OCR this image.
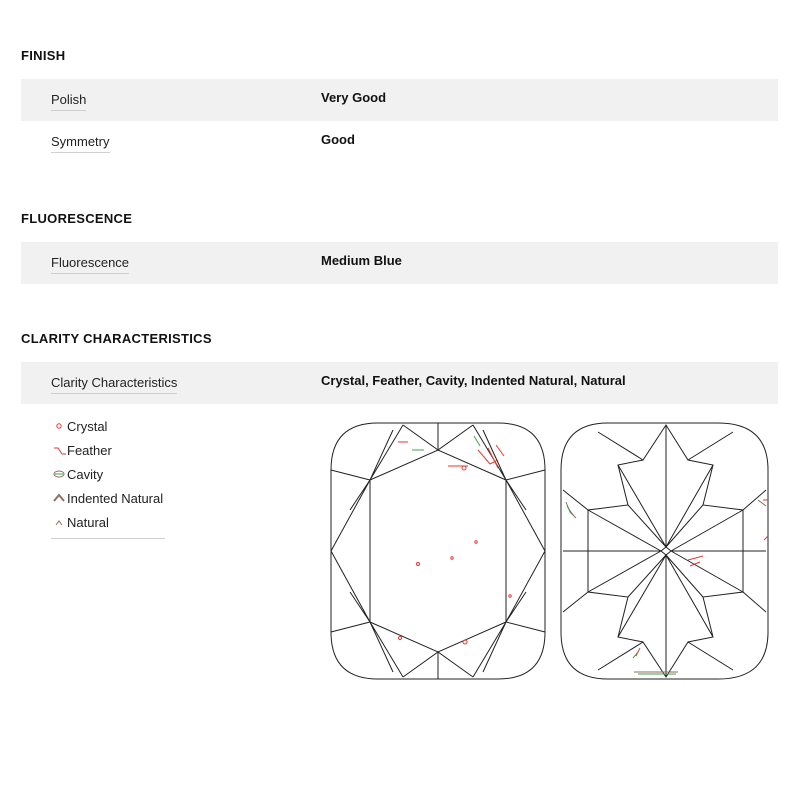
FINISH
Polish	Very Good
Symmetry	Good
FLUORESCENCE
Fluorescence	Medium Blue
CLARITY CHARACTERISTICS
Clarity Characteristics	Crystal, Feather, Cavity, Indented Natural, Natural
Crystal
Feather
Cavity
Indented Natural
Natural
